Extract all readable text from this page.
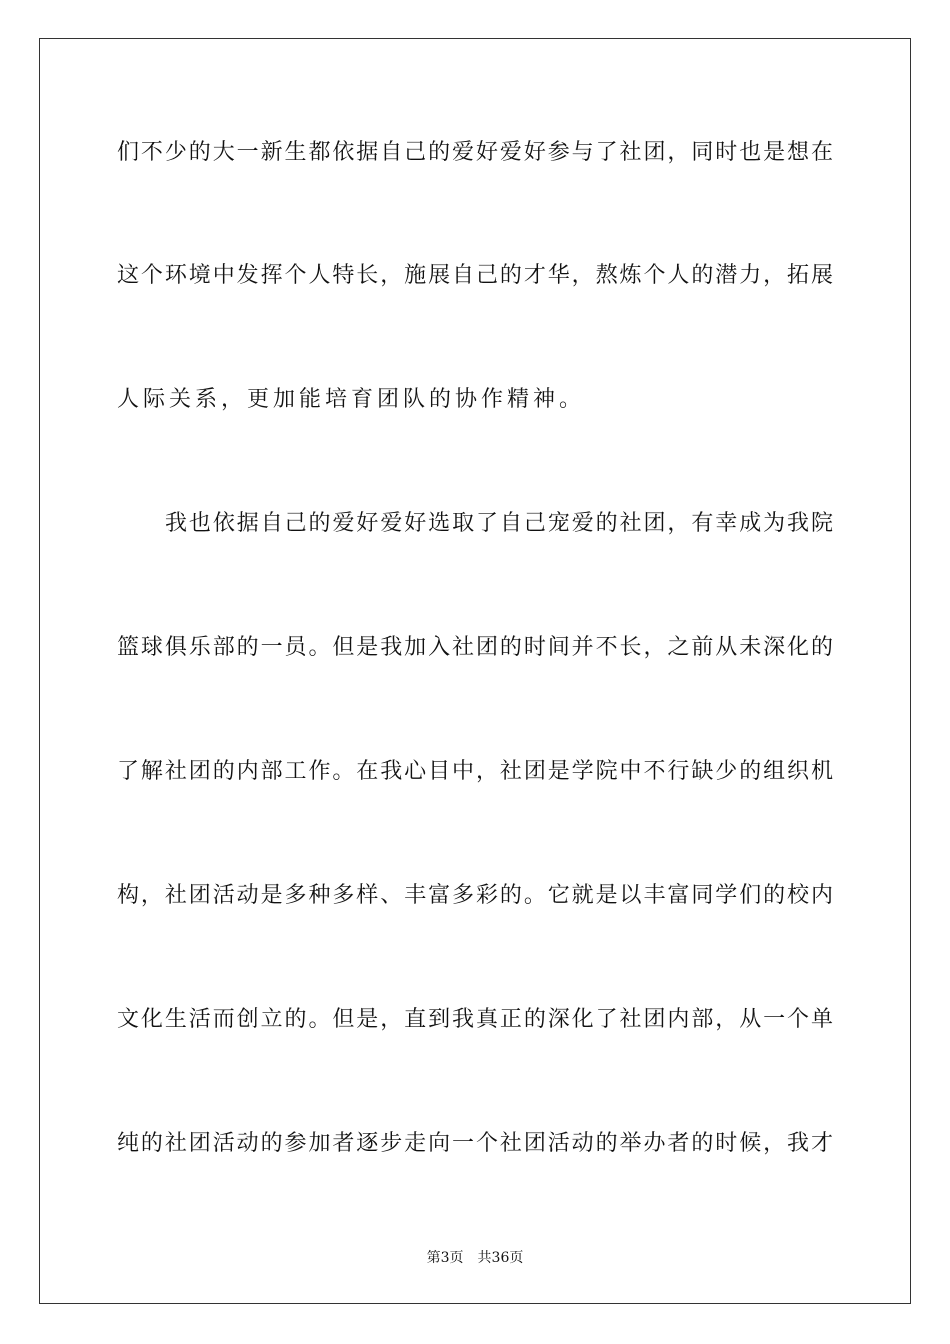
们不少的大一新生都依据自己的爱好爱好参与了社团，同时也是想在
这个环境中发挥个人特长，施展自己的才华，熬炼个人的潜力，拓展
人际关系，更加能培育团队的协作精神。
我也依据自己的爱好爱好选取了自己宠爱的社团，有幸成为我院
篮球俱乐部的一员。但是我加入社团的时间并不长，之前从未深化的
了解社团的内部工作。在我心目中，社团是学院中不行缺少的组织机
构，社团活动是多种多样、丰富多彩的。它就是以丰富同学们的校内
文化生活而创立的。但是，直到我真正的深化了社团内部，从一个单
纯的社团活动的参加者逐步走向一个社团活动的举办者的时候，我才
第3页 共36页
